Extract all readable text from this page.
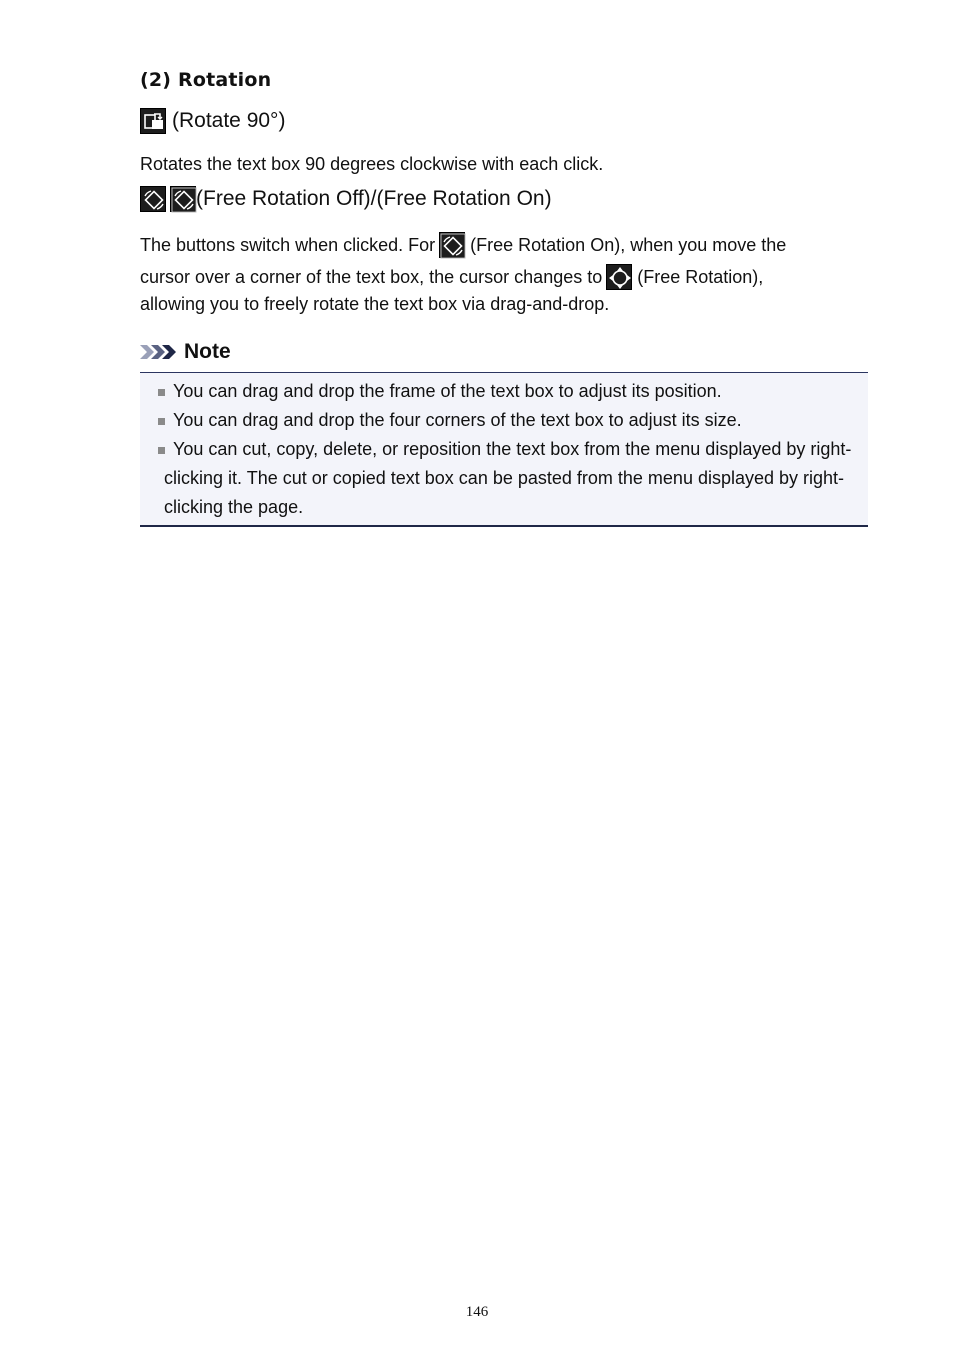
(2) Rotation
(Rotate 90°)
Rotates the text box 90 degrees clockwise with each click.
(Free Rotation Off)/(Free Rotation On)
The buttons switch when clicked. For (Free Rotation On), when you move the
cursor over a corner of the text box, the cursor changes to (Free Rotation),
allowing you to freely rotate the text box via drag-and-drop.
Note
You can drag and drop the frame of the text box to adjust its position.
You can drag and drop the four corners of the text box to adjust its size.
You can cut, copy, delete, or reposition the text box from the menu displayed by right-clicking it. The cut or copied text box can be pasted from the menu displayed by right-clicking the page.
146
